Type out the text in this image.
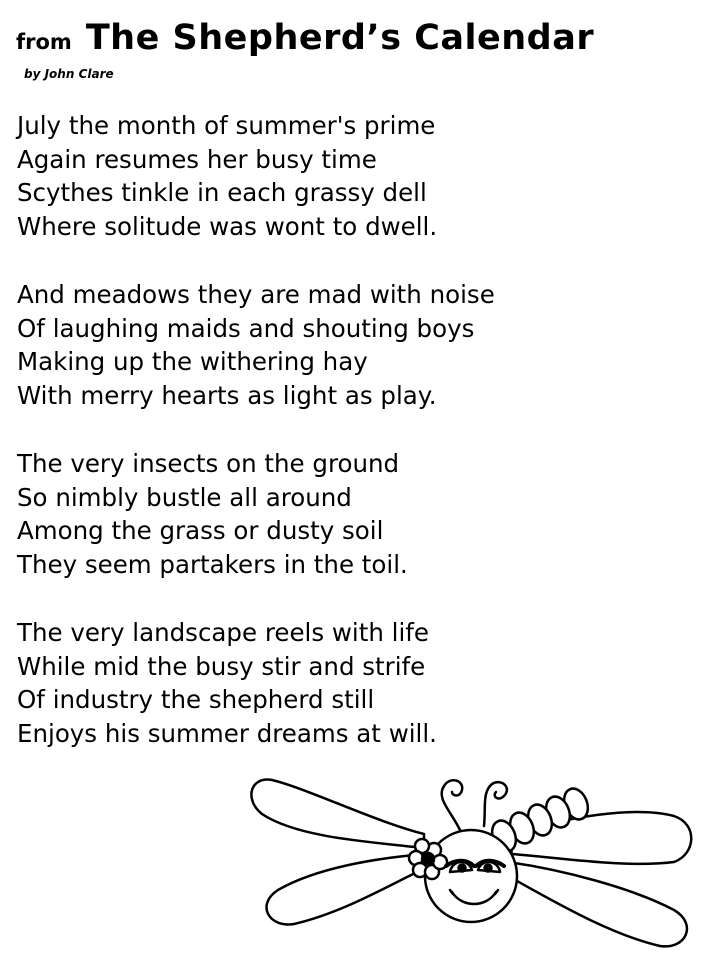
from The Shepherd’s Calendar
by John Clare
July the month of summer's prime
Again resumes her busy time
Scythes tinkle in each grassy dell
Where solitude was wont to dwell.
And meadows they are mad with noise
Of laughing maids and shouting boys
Making up the withering hay
With merry hearts as light as play.
The very insects on the ground
So nimbly bustle all around
Among the grass or dusty soil
They seem partakers in the toil.
The very landscape reels with life
While mid the busy stir and strife
Of industry the shepherd still
Enjoys his summer dreams at will.
